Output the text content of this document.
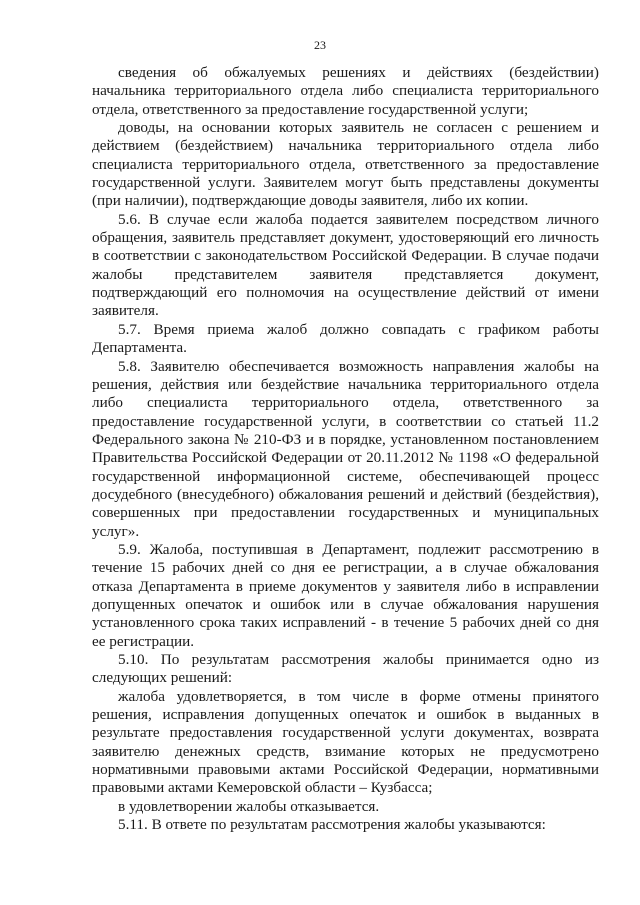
23

сведения об обжалуемых решениях и действиях (бездействии) начальника территориального отдела либо специалиста территориального отдела, ответственного за предоставление государственной услуги;

доводы, на основании которых заявитель не согласен с решением и действием (бездействием) начальника территориального отдела либо специалиста территориального отдела, ответственного за предоставление государственной услуги. Заявителем могут быть представлены документы (при наличии), подтверждающие доводы заявителя, либо их копии.

5.6. В случае если жалоба подается заявителем посредством личного обращения, заявитель представляет документ, удостоверяющий его личность в соответствии с законодательством Российской Федерации. В случае подачи жалобы представителем заявителя представляется документ, подтверждающий его полномочия на осуществление действий от имени заявителя.

5.7. Время приема жалоб должно совпадать с графиком работы Департамента.

5.8. Заявителю обеспечивается возможность направления жалобы на решения, действия или бездействие начальника территориального отдела либо специалиста территориального отдела, ответственного за предоставление государственной услуги, в соответствии со статьей 11.2 Федерального закона № 210-ФЗ и в порядке, установленном постановлением Правительства Российской Федерации от 20.11.2012 № 1198 «О федеральной государственной информационной системе, обеспечивающей процесс досудебного (внесудебного) обжалования решений и действий (бездействия), совершенных при предоставлении государственных и муниципальных услуг».

5.9. Жалоба, поступившая в Департамент, подлежит рассмотрению в течение 15 рабочих дней со дня ее регистрации, а в случае обжалования отказа Департамента в приеме документов у заявителя либо в исправлении допущенных опечаток и ошибок или в случае обжалования нарушения установленного срока таких исправлений - в течение 5 рабочих дней со дня ее регистрации.

5.10. По результатам рассмотрения жалобы принимается одно из следующих решений:

жалоба удовлетворяется, в том числе в форме отмены принятого решения, исправления допущенных опечаток и ошибок в выданных в результате предоставления государственной услуги документах, возврата заявителю денежных средств, взимание которых не предусмотрено нормативными правовыми актами Российской Федерации, нормативными правовыми актами Кемеровской области – Кузбасса;

в удовлетворении жалобы отказывается.

5.11. В ответе по результатам рассмотрения жалобы указываются:
